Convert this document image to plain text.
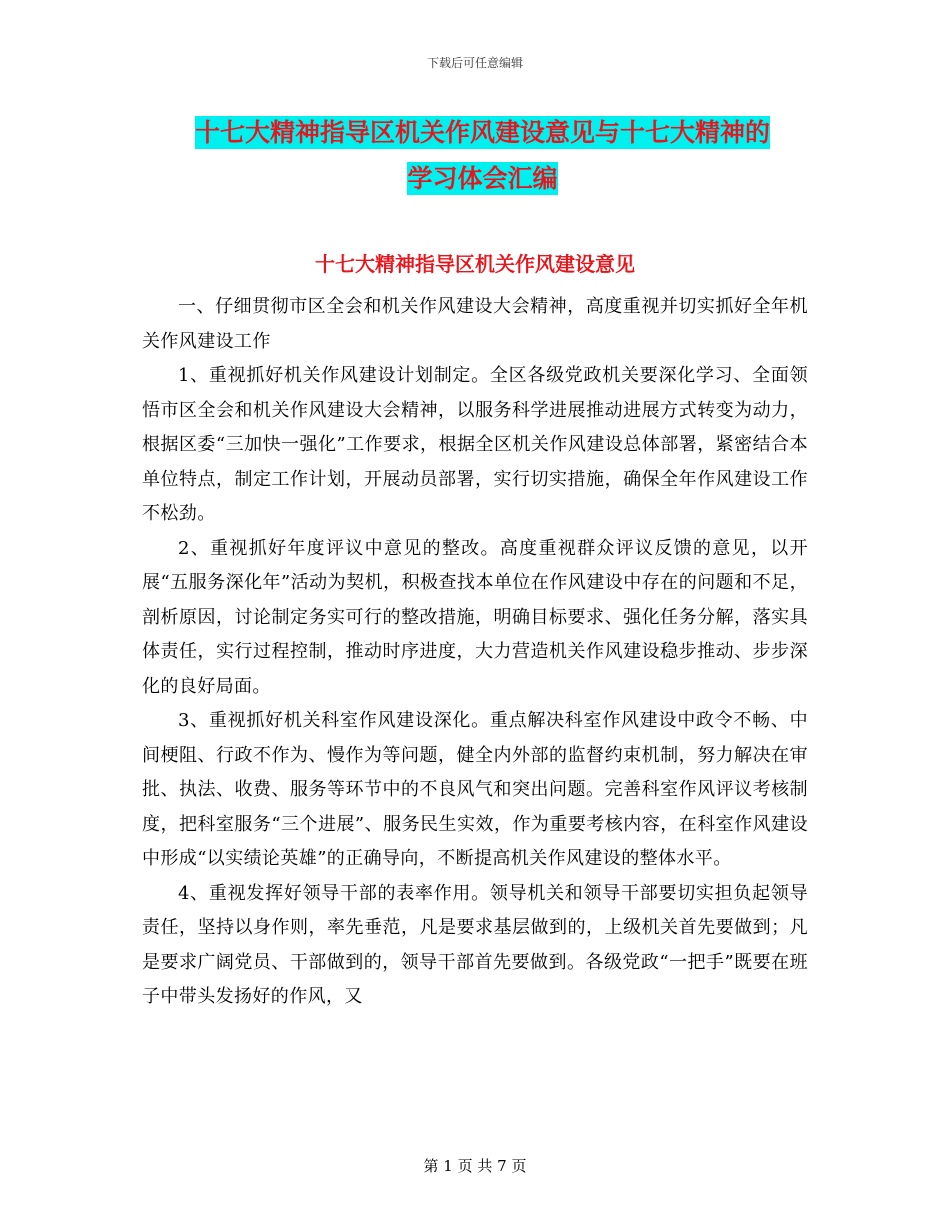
下载后可任意编辑
十七大精神指导区机关作风建设意见与十七大精神的
学习体会汇编
十七大精神指导区机关作风建设意见

一、仔细贯彻市区全会和机关作风建设大会精神，高度重视并切实抓好全年机关作风建设工作

1、重视抓好机关作风建设计划制定。全区各级党政机关要深化学习、全面领悟市区全会和机关作风建设大会精神，以服务科学进展推动进展方式转变为动力，根据区委“三加快一强化”工作要求，根据全区机关作风建设总体部署，紧密结合本单位特点，制定工作计划，开展动员部署，实行切实措施，确保全年作风建设工作不松劲。

2、重视抓好年度评议中意见的整改。高度重视群众评议反馈的意见，以开展“五服务深化年”活动为契机，积极查找本单位在作风建设中存在的问题和不足，剖析原因，讨论制定务实可行的整改措施，明确目标要求、强化任务分解，落实具体责任，实行过程控制，推动时序进度，大力营造机关作风建设稳步推动、步步深化的良好局面。

3、重视抓好机关科室作风建设深化。重点解决科室作风建设中政令不畅、中间梗阻、行政不作为、慢作为等问题，健全内外部的监督约束机制，努力解决在审批、执法、收费、服务等环节中的不良风气和突出问题。完善科室作风评议考核制度，把科室服务“三个进展”、服务民生实效，作为重要考核内容，在科室作风建设中形成“以实绩论英雄”的正确导向，不断提高机关作风建设的整体水平。

4、重视发挥好领导干部的表率作用。领导机关和领导干部要切实担负起领导责任，坚持以身作则，率先垂范，凡是要求基层做到的，上级机关首先要做到；凡是要求广阔党员、干部做到的，领导干部首先要做到。各级党政“一把手”既要在班子中带头发扬好的作风，又

第 1 页 共 7 页
